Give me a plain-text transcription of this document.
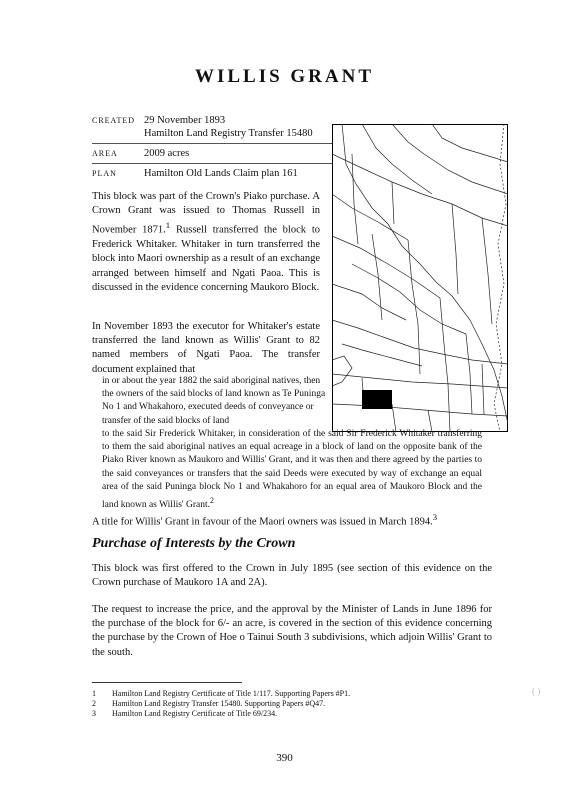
WILLIS GRANT
CREATED	29 November 1893
Hamilton Land Registry Transfer 15480

AREA	2009 acres
PLAN	Hamilton Old Lands Claim plan 161
This block was part of the Crown's Piako purchase. A Crown Grant was issued to Thomas Russell in November 1871.$^1$ Russell transferred the block to Frederick Whitaker. Whitaker in turn transferred the block into Maori ownership as a result of an exchange arranged between himself and Ngati Paoa. This is discussed in the evidence concerning Maukoro Block.
In November 1893 the executor for Whitaker's estate transferred the land known as Willis' Grant to 82 named members of Ngati Paoa. The transfer document explained that
in or about the year 1882 the said aboriginal natives, then the owners of the said blocks of land known as Te Puninga No 1 and Whakahoro, executed deeds of conveyance or transfer of the said blocks of land
to the said Sir Frederick Whitaker, in consideration of the said Sir Frederick Whitaker transferring to them the said aboriginal natives an equal acreage in a block of land on the opposite bank of the Piako River known as Maukoro and Willis' Grant, and it was then and there agreed by the parties to the said conveyances or transfers that the said Deeds were executed by way of exchange an equal area of the said Puninga block No 1 and Whakahoro for an equal area of Maukoro Block and the land known as Willis' Grant.$^2$
A title for Willis' Grant in favour of the Maori owners was issued in March 1894.$^3$
Purchase of Interests by the Crown
This block was first offered to the Crown in July 1895 (see section of this evidence on the Crown purchase of Maukoro 1A and 2A).
The request to increase the price, and the approval by the Minister of Lands in June 1896 for the purchase of the block for 6/- an acre, is covered in the section of this evidence concerning the purchase by the Crown of Hoe o Tainui South 3 subdivisions, which adjoin Willis' Grant to the south.
1	Hamilton Land Registry Certificate of Title 1/117. Supporting Papers #P1.
2	Hamilton Land Registry Transfer 15480. Supporting Papers #Q47.
3	Hamilton Land Registry Certificate of Title 69/234.
( )
390
